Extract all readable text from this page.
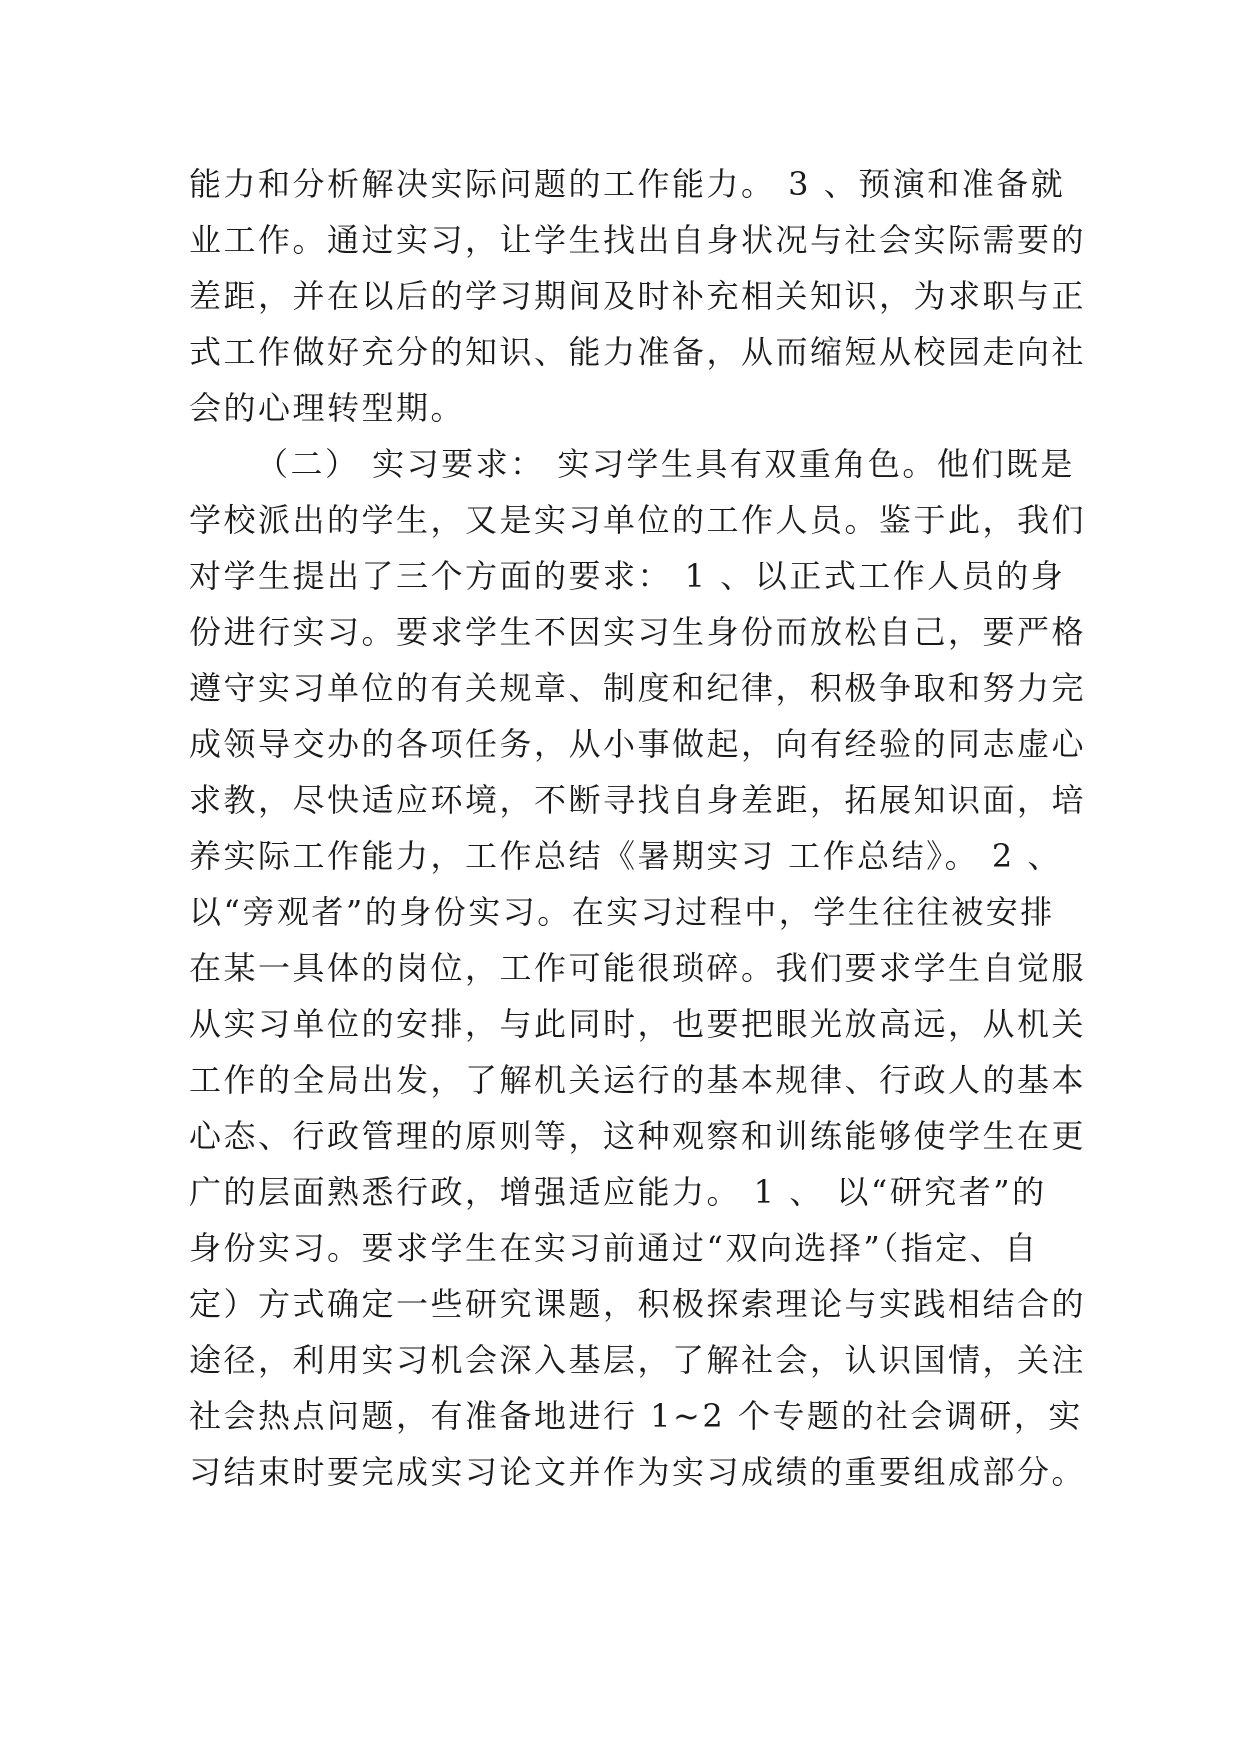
能力和分析解决实际问题的工作能力。 3 、预演和准备就
业工作。通过实习，让学生找出自身状况与社会实际需要的
差距，并在以后的学习期间及时补充相关知识，为求职与正
式工作做好充分的知识、能力准备，从而缩短从校园走向社
会的心理转型期。
（二） 实习要求： 实习学生具有双重角色。他们既是
学校派出的学生，又是实习单位的工作人员。鉴于此，我们
对学生提出了三个方面的要求： 1 、以正式工作人员的身
份进行实习。要求学生不因实习生身份而放松自己，要严格
遵守实习单位的有关规章、制度和纪律，积极争取和努力完
成领导交办的各项任务，从小事做起，向有经验的同志虚心
求教，尽快适应环境，不断寻找自身差距，拓展知识面，培
养实际工作能力，工作总结《暑期实习 工作总结》。 2 、
以“旁观者”的身份实习。在实习过程中，学生往往被安排
在某一具体的岗位，工作可能很琐碎。我们要求学生自觉服
从实习单位的安排，与此同时，也要把眼光放高远，从机关
工作的全局出发，了解机关运行的基本规律、行政人的基本
心态、行政管理的原则等，这种观察和训练能够使学生在更
广的层面熟悉行政，增强适应能力。 1 、 以“研究者”的
身份实习。要求学生在实习前通过“双向选择”（指定、自
定）方式确定一些研究课题，积极探索理论与实践相结合的
途径，利用实习机会深入基层，了解社会，认识国情，关注
社会热点问题，有准备地进行 1~2 个专题的社会调研，实
习结束时要完成实习论文并作为实习成绩的重要组成部分。
